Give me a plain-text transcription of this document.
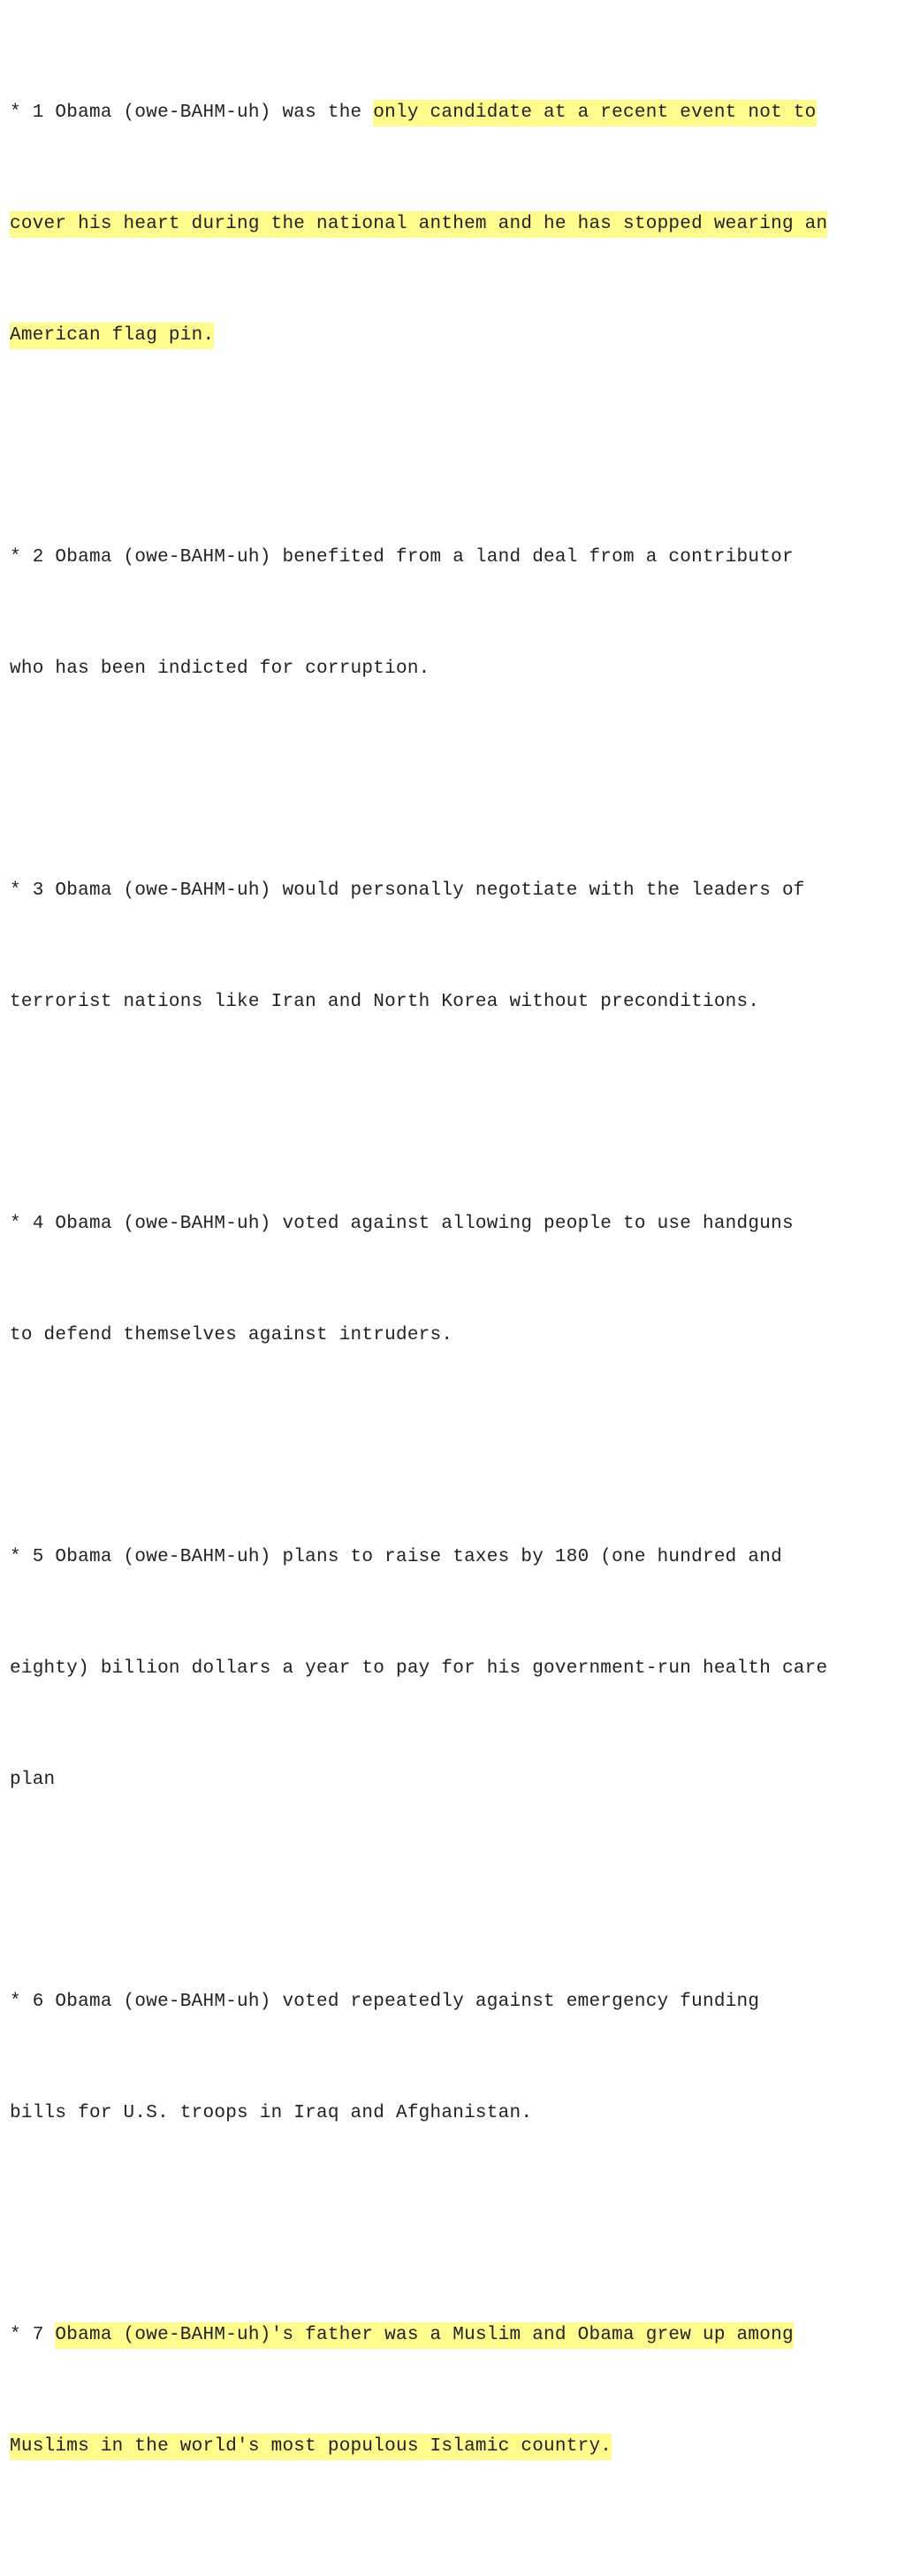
* 1 Obama (owe-BAHM-uh) was the only candidate at a recent event not to

cover his heart during the national anthem and he has stopped wearing an

American flag pin.

* 2 Obama (owe-BAHM-uh) benefited from a land deal from a contributor

who has been indicted for corruption.

* 3 Obama (owe-BAHM-uh) would personally negotiate with the leaders of

terrorist nations like Iran and North Korea without preconditions.

* 4 Obama (owe-BAHM-uh) voted against allowing people to use handguns

to defend themselves against intruders.

* 5 Obama (owe-BAHM-uh) plans to raise taxes by 180 (one hundred and

eighty) billion dollars a year to pay for his government-run health care

plan

* 6 Obama (owe-BAHM-uh) voted repeatedly against emergency funding

bills for U.S. troops in Iraq and Afghanistan.

* 7 Obama (owe-BAHM-uh)'s father was a Muslim and Obama grew up among

Muslims in the world's most populous Islamic country.
